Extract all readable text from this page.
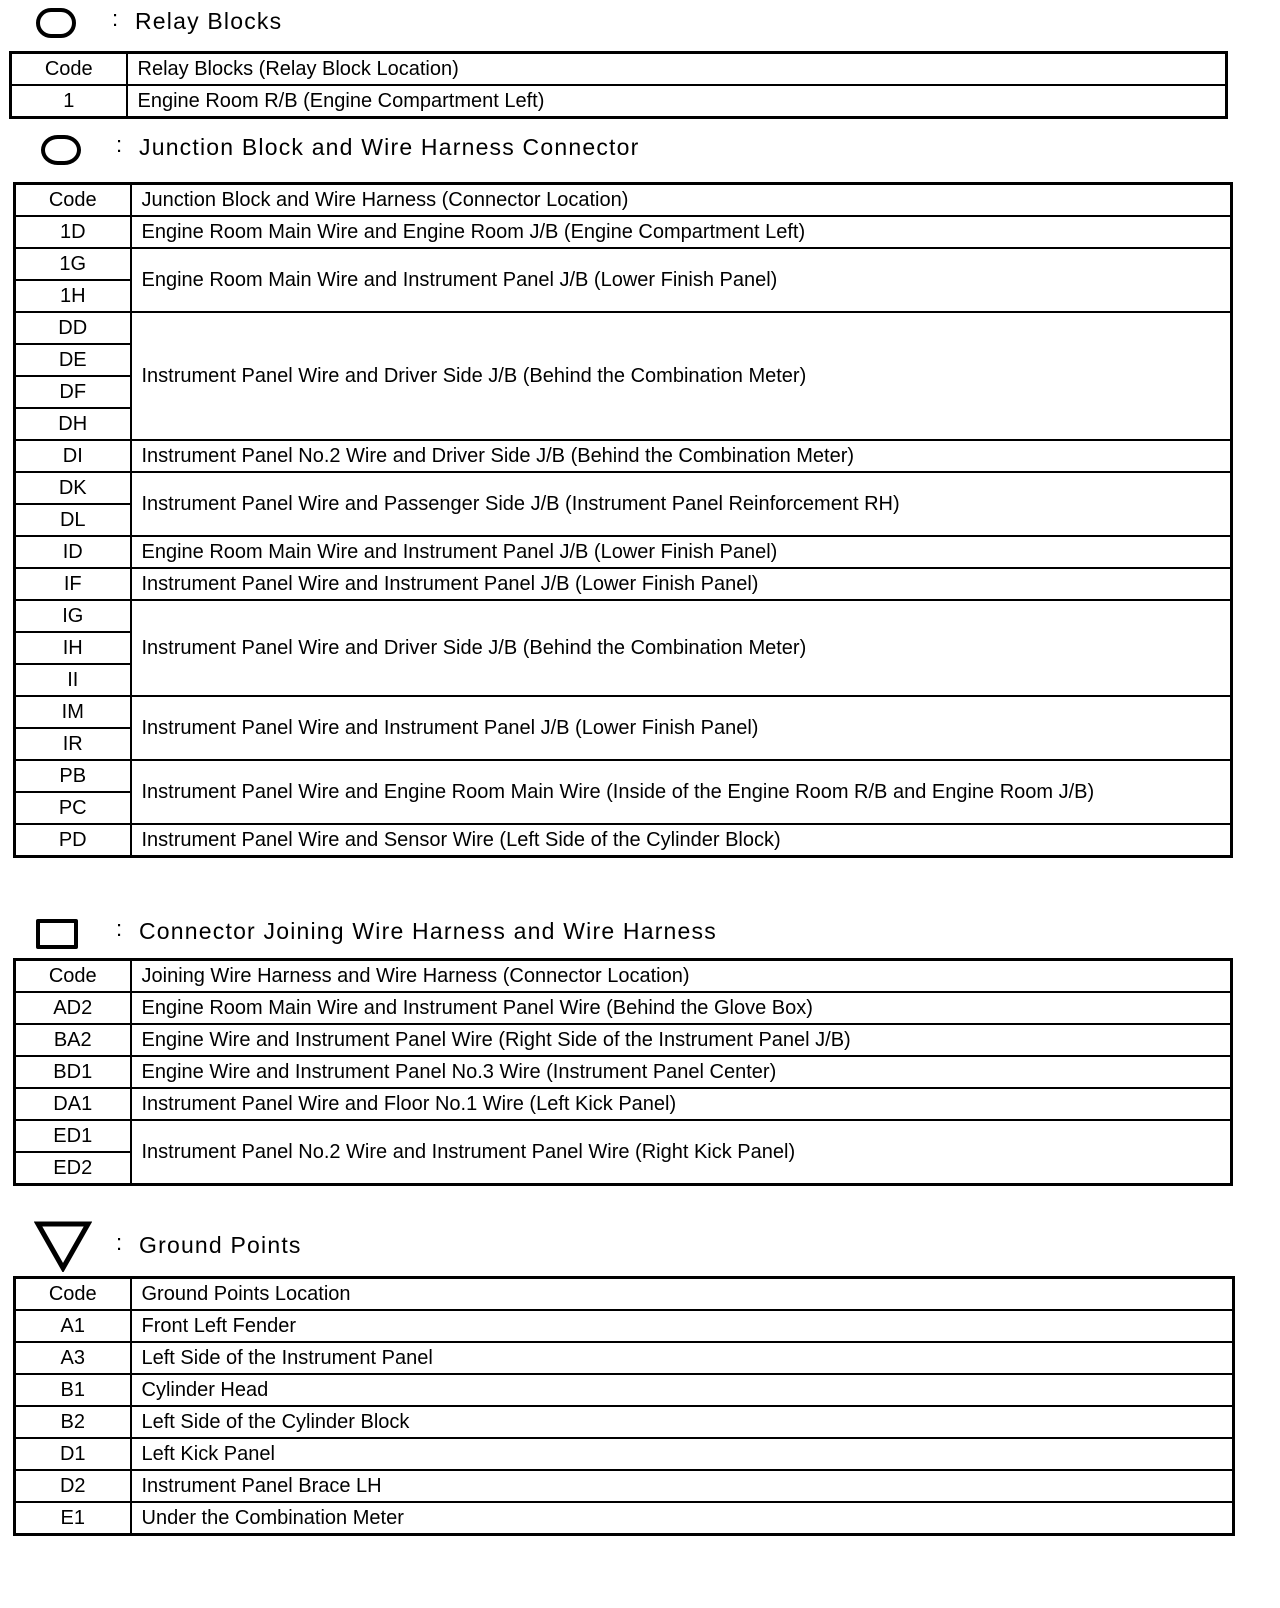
: Relay Blocks
Code	Relay Blocks (Relay Block Location)
1	Engine Room R/B (Engine Compartment Left)
: Junction Block and Wire Harness Connector
Code	Junction Block and Wire Harness (Connector Location)
1D	Engine Room Main Wire and Engine Room J/B (Engine Compartment Left)
1G	Engine Room Main Wire and Instrument Panel J/B (Lower Finish Panel)
1H	
DD	Instrument Panel Wire and Driver Side J/B (Behind the Combination Meter)
DE	
DF	
DH	
DI	Instrument Panel No.2 Wire and Driver Side J/B (Behind the Combination Meter)
DK	Instrument Panel Wire and Passenger Side J/B (Instrument Panel Reinforcement RH)
DL	
ID	Engine Room Main Wire and Instrument Panel J/B (Lower Finish Panel)
IF	Instrument Panel Wire and Instrument Panel J/B (Lower Finish Panel)
IG	Instrument Panel Wire and Driver Side J/B (Behind the Combination Meter)
IH	
II	
IM	Instrument Panel Wire and Instrument Panel J/B (Lower Finish Panel)
IR	
PB	Instrument Panel Wire and Engine Room Main Wire (Inside of the Engine Room R/B and Engine Room J/B)
PC	
PD	Instrument Panel Wire and Sensor Wire (Left Side of the Cylinder Block)
: Connector Joining Wire Harness and Wire Harness
Code	Joining Wire Harness and Wire Harness (Connector Location)
AD2	Engine Room Main Wire and Instrument Panel Wire (Behind the Glove Box)
BA2	Engine Wire and Instrument Panel Wire (Right Side of the Instrument Panel J/B)
BD1	Engine Wire and Instrument Panel No.3 Wire (Instrument Panel Center)
DA1	Instrument Panel Wire and Floor No.1 Wire (Left Kick Panel)
ED1	Instrument Panel No.2 Wire and Instrument Panel Wire (Right Kick Panel)
ED2	
: Ground Points
Code	Ground Points Location
A1	Front Left Fender
A3	Left Side of the Instrument Panel
B1	Cylinder Head
B2	Left Side of the Cylinder Block
D1	Left Kick Panel
D2	Instrument Panel Brace LH
E1	Under the Combination Meter
